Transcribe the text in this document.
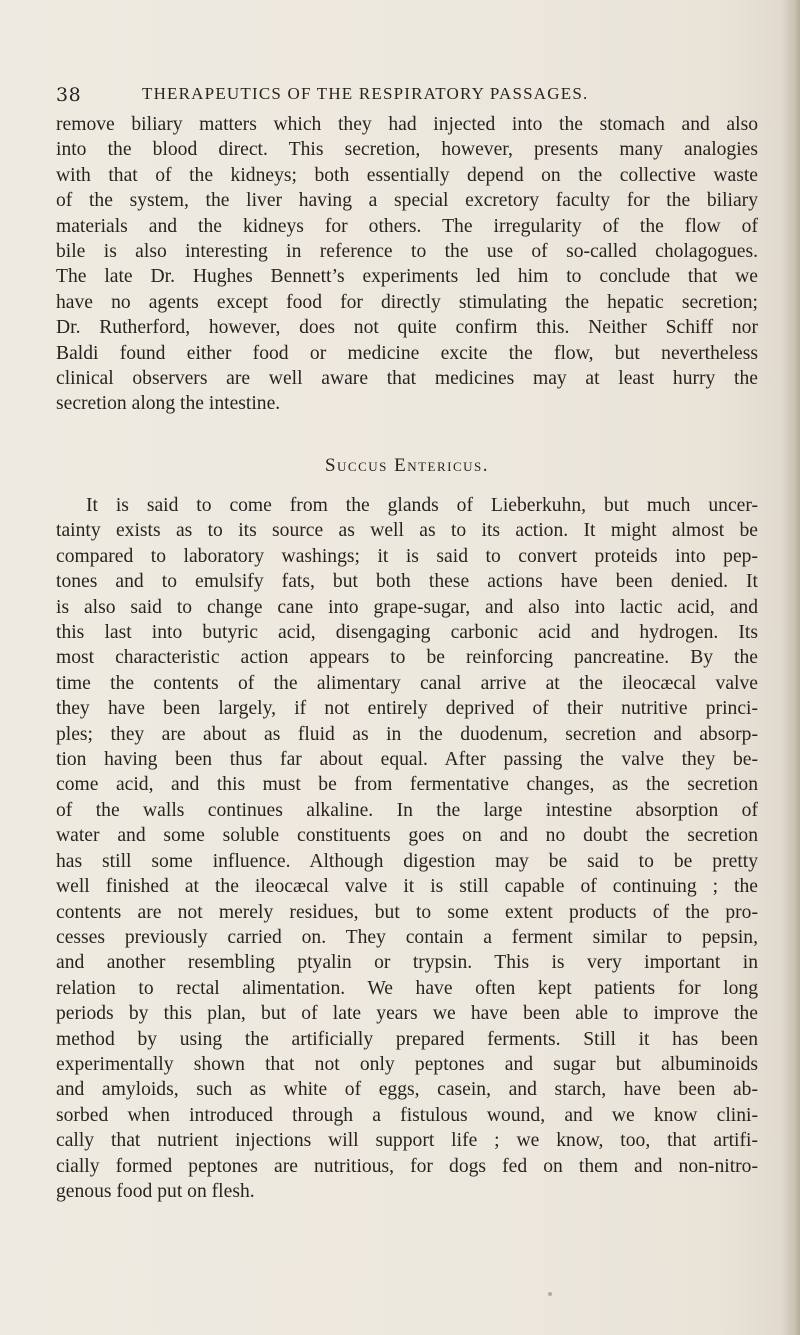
38	THERAPEUTICS OF THE RESPIRATORY PASSAGES.
remove biliary matters which they had injected into the stomach and also
into the blood direct. This secretion, however, presents many analogies
with that of the kidneys; both essentially depend on the collective waste
of the system, the liver having a special excretory faculty for the biliary
materials and the kidneys for others. The irregularity of the flow of
bile is also interesting in reference to the use of so-called cholagogues.
The late Dr. Hughes Bennett’s experiments led him to conclude that we
have no agents except food for directly stimulating the hepatic secretion;
Dr. Rutherford, however, does not quite confirm this. Neither Schiff nor
Baldi found either food or medicine excite the flow, but nevertheless
clinical observers are well aware that medicines may at least hurry the
secretion along the intestine.
Succus Entericus.
It is said to come from the glands of Lieberkuhn, but much uncer-
tainty exists as to its source as well as to its action. It might almost be
compared to laboratory washings; it is said to convert proteids into pep-
tones and to emulsify fats, but both these actions have been denied. It
is also said to change cane into grape-sugar, and also into lactic acid, and
this last into butyric acid, disengaging carbonic acid and hydrogen. Its
most characteristic action appears to be reinforcing pancreatine. By the
time the contents of the alimentary canal arrive at the ileocæcal valve
they have been largely, if not entirely deprived of their nutritive princi-
ples; they are about as fluid as in the duodenum, secretion and absorp-
tion having been thus far about equal. After passing the valve they be-
come acid, and this must be from fermentative changes, as the secretion
of the walls continues alkaline. In the large intestine absorption of
water and some soluble constituents goes on and no doubt the secretion
has still some influence. Although digestion may be said to be pretty
well finished at the ileocæcal valve it is still capable of continuing ; the
contents are not merely residues, but to some extent products of the pro-
cesses previously carried on. They contain a ferment similar to pepsin,
and another resembling ptyalin or trypsin. This is very important in
relation to rectal alimentation. We have often kept patients for long
periods by this plan, but of late years we have been able to improve the
method by using the artificially prepared ferments. Still it has been
experimentally shown that not only peptones and sugar but albuminoids
and amyloids, such as white of eggs, casein, and starch, have been ab-
sorbed when introduced through a fistulous wound, and we know clini-
cally that nutrient injections will support life ; we know, too, that artifi-
cially formed peptones are nutritious, for dogs fed on them and non-nitro-
genous food put on flesh.
